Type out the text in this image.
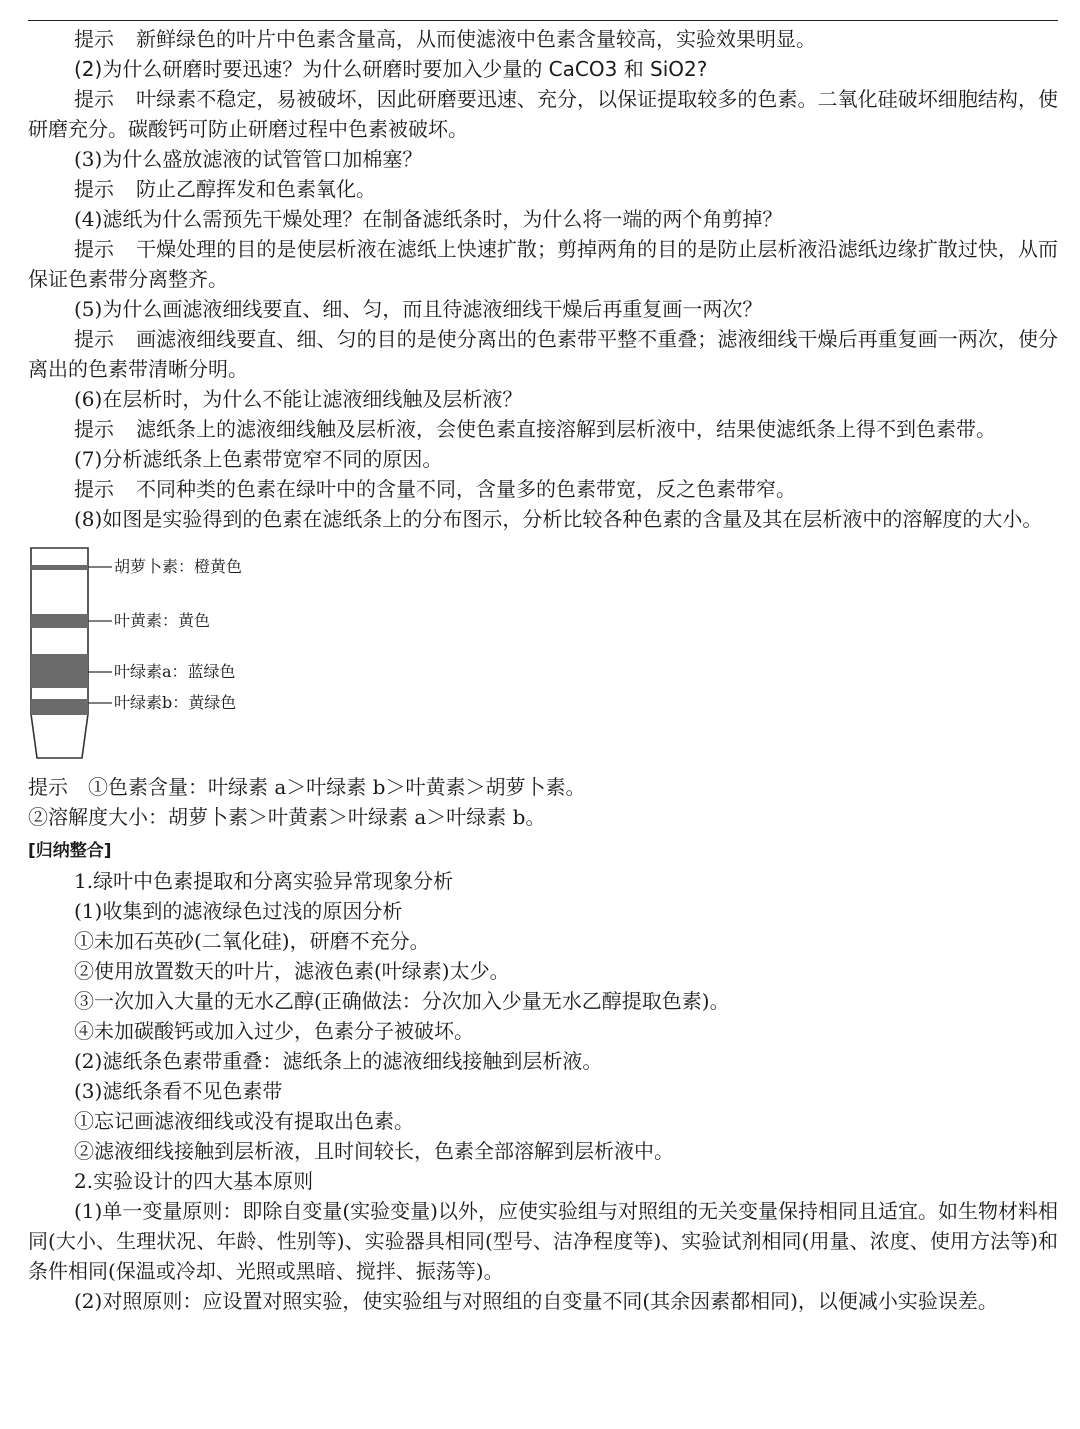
提示 新鲜绿色的叶片中色素含量高，从而使滤液中色素含量较高，实验效果明显。

(2)为什么研磨时要迅速？为什么研磨时要加入少量的 CaCO3 和 SiO2?

提示 叶绿素不稳定，易被破坏，因此研磨要迅速、充分，以保证提取较多的色素。二氧化硅破坏细胞结构，使研磨充分。碳酸钙可防止研磨过程中色素被破坏。

(3)为什么盛放滤液的试管管口加棉塞？

提示 防止乙醇挥发和色素氧化。

(4)滤纸为什么需预先干燥处理？在制备滤纸条时，为什么将一端的两个角剪掉？

提示 干燥处理的目的是使层析液在滤纸上快速扩散；剪掉两角的目的是防止层析液沿滤纸边缘扩散过快，从而保证色素带分离整齐。

(5)为什么画滤液细线要直、细、匀，而且待滤液细线干燥后再重复画一两次？

提示 画滤液细线要直、细、匀的目的是使分离出的色素带平整不重叠；滤液细线干燥后再重复画一两次，使分离出的色素带清晰分明。

(6)在层析时，为什么不能让滤液细线触及层析液？

提示 滤纸条上的滤液细线触及层析液，会使色素直接溶解到层析液中，结果使滤纸条上得不到色素带。

(7)分析滤纸条上色素带宽窄不同的原因。

提示 不同种类的色素在绿叶中的含量不同，含量多的色素带宽，反之色素带窄。

(8)如图是实验得到的色素在滤纸条上的分布图示，分析比较各种色素的含量及其在层析液中的溶解度的大小。

胡萝卜素：橙黄色
叶黄素：黄色
叶绿素a：蓝绿色
叶绿素b：黄绿色

提示　①色素含量：叶绿素 a＞叶绿素 b＞叶黄素＞胡萝卜素。

②溶解度大小：胡萝卜素＞叶黄素＞叶绿素 a＞叶绿素 b。

[归纳整合]

1.绿叶中色素提取和分离实验异常现象分析

(1)收集到的滤液绿色过浅的原因分析

①未加石英砂(二氧化硅)，研磨不充分。

②使用放置数天的叶片，滤液色素(叶绿素)太少。

③一次加入大量的无水乙醇(正确做法：分次加入少量无水乙醇提取色素)。

④未加碳酸钙或加入过少，色素分子被破坏。

(2)滤纸条色素带重叠：滤纸条上的滤液细线接触到层析液。

(3)滤纸条看不见色素带

①忘记画滤液细线或没有提取出色素。

②滤液细线接触到层析液，且时间较长，色素全部溶解到层析液中。

2.实验设计的四大基本原则

(1)单一变量原则：即除自变量(实验变量)以外，应使实验组与对照组的无关变量保持相同且适宜。如生物材料相同(大小、生理状况、年龄、性别等)、实验器具相同(型号、洁净程度等)、实验试剂相同(用量、浓度、使用方法等)和条件相同(保温或冷却、光照或黑暗、搅拌、振荡等)。

(2)对照原则：应设置对照实验，使实验组与对照组的自变量不同(其余因素都相同)，以便减小实验误差。
